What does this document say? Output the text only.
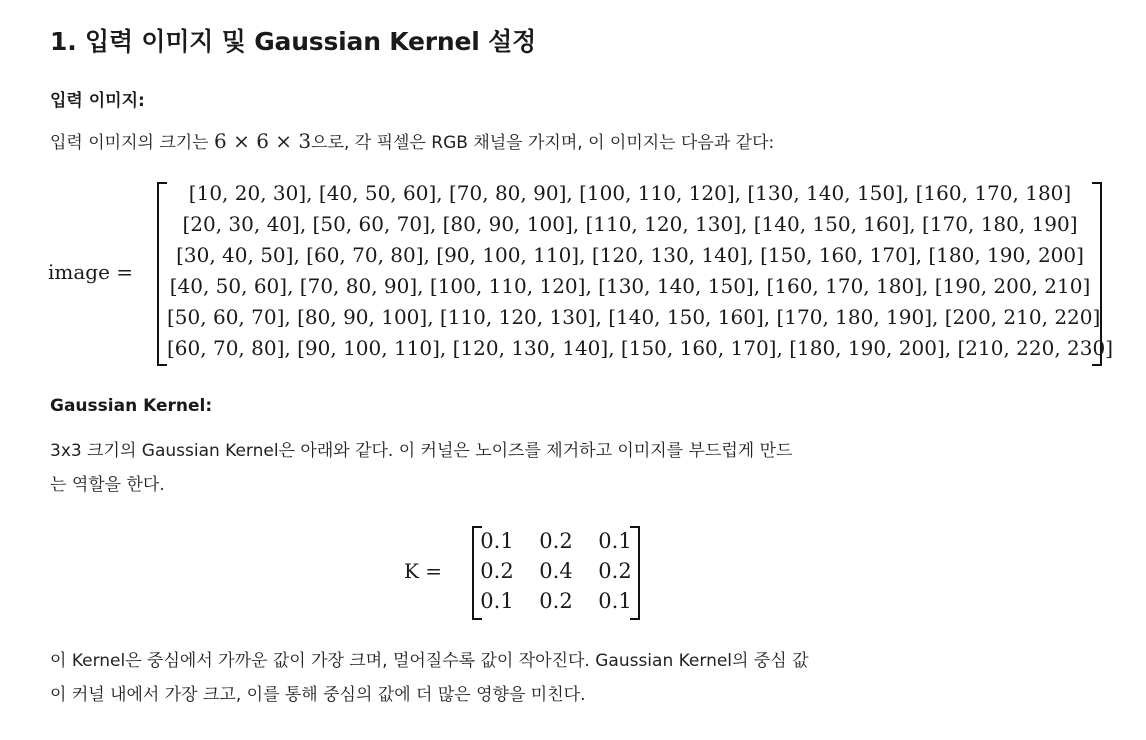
1. 입력 이미지 및 Gaussian Kernel 설정
입력 이미지:
입력 이미지의 크기는 6 × 6 × 3으로, 각 픽셀은 RGB 채널을 가지며, 이 이미지는 다음과 같다:
image =
[10, 20, 30], [40, 50, 60], [70, 80, 90], [100, 110, 120], [130, 140, 150], [160, 170, 180]
[20, 30, 40], [50, 60, 70], [80, 90, 100], [110, 120, 130], [140, 150, 160], [170, 180, 190]
[30, 40, 50], [60, 70, 80], [90, 100, 110], [120, 130, 140], [150, 160, 170], [180, 190, 200]
[40, 50, 60], [70, 80, 90], [100, 110, 120], [130, 140, 150], [160, 170, 180], [190, 200, 210]
[50, 60, 70], [80, 90, 100], [110, 120, 130], [140, 150, 160], [170, 180, 190], [200, 210, 220]
[60, 70, 80], [90, 100, 110], [120, 130, 140], [150, 160, 170], [180, 190, 200], [210, 220, 230]
Gaussian Kernel:
3x3 크기의 Gaussian Kernel은 아래와 같다. 이 커널은 노이즈를 제거하고 이미지를 부드럽게 만드
는 역할을 한다.
K =
0.1	0.2	0.1
0.2	0.4	0.2
0.1	0.2	0.1
이 Kernel은 중심에서 가까운 값이 가장 크며, 멀어질수록 값이 작아진다. Gaussian Kernel의 중심 값
이 커널 내에서 가장 크고, 이를 통해 중심의 값에 더 많은 영향을 미친다.
